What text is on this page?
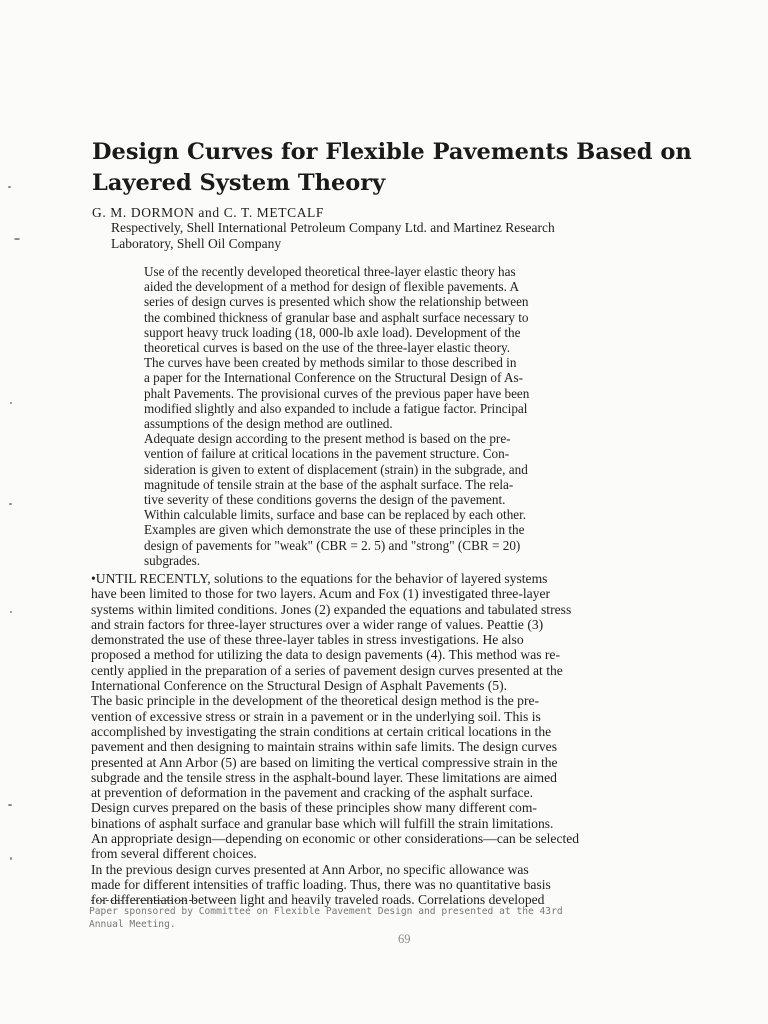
Design Curves for Flexible Pavements Based on
Layered System Theory
G. M. DORMON and C. T. METCALF
Respectively, Shell International Petroleum Company Ltd. and Martinez Research
Laboratory, Shell Oil Company
Use of the recently developed theoretical three-layer elastic theory has
aided the development of a method for design of flexible pavements. A
series of design curves is presented which show the relationship between
the combined thickness of granular base and asphalt surface necessary to
support heavy truck loading (18, 000-lb axle load). Development of the
theoretical curves is based on the use of the three-layer elastic theory.
The curves have been created by methods similar to those described in
a paper for the International Conference on the Structural Design of As-
phalt Pavements. The provisional curves of the previous paper have been
modified slightly and also expanded to include a fatigue factor. Principal
assumptions of the design method are outlined.
Adequate design according to the present method is based on the pre-
vention of failure at critical locations in the pavement structure. Con-
sideration is given to extent of displacement (strain) in the subgrade, and
magnitude of tensile strain at the base of the asphalt surface. The rela-
tive severity of these conditions governs the design of the pavement.
Within calculable limits, surface and base can be replaced by each other.
Examples are given which demonstrate the use of these principles in the
design of pavements for "weak" (CBR = 2. 5) and "strong" (CBR = 20)
subgrades.
•UNTIL RECENTLY, solutions to the equations for the behavior of layered systems
have been limited to those for two layers. Acum and Fox (1) investigated three-layer
systems within limited conditions. Jones (2) expanded the equations and tabulated stress
and strain factors for three-layer structures over a wider range of values. Peattie (3)
demonstrated the use of these three-layer tables in stress investigations. He also
proposed a method for utilizing the data to design pavements (4). This method was re-
cently applied in the preparation of a series of pavement design curves presented at the
International Conference on the Structural Design of Asphalt Pavements (5).
The basic principle in the development of the theoretical design method is the pre-
vention of excessive stress or strain in a pavement or in the underlying soil. This is
accomplished by investigating the strain conditions at certain critical locations in the
pavement and then designing to maintain strains within safe limits. The design curves
presented at Ann Arbor (5) are based on limiting the vertical compressive strain in the
subgrade and the tensile stress in the asphalt-bound layer. These limitations are aimed
at prevention of deformation in the pavement and cracking of the asphalt surface.
Design curves prepared on the basis of these principles show many different com-
binations of asphalt surface and granular base which will fulfill the strain limitations.
An appropriate design—depending on economic or other considerations—can be selected
from several different choices.
In the previous design curves presented at Ann Arbor, no specific allowance was
made for different intensities of traffic loading. Thus, there was no quantitative basis
for differentiation between light and heavily traveled roads. Correlations developed
Paper sponsored by Committee on Flexible Pavement Design and presented at the 43rd
Annual Meeting.
69
